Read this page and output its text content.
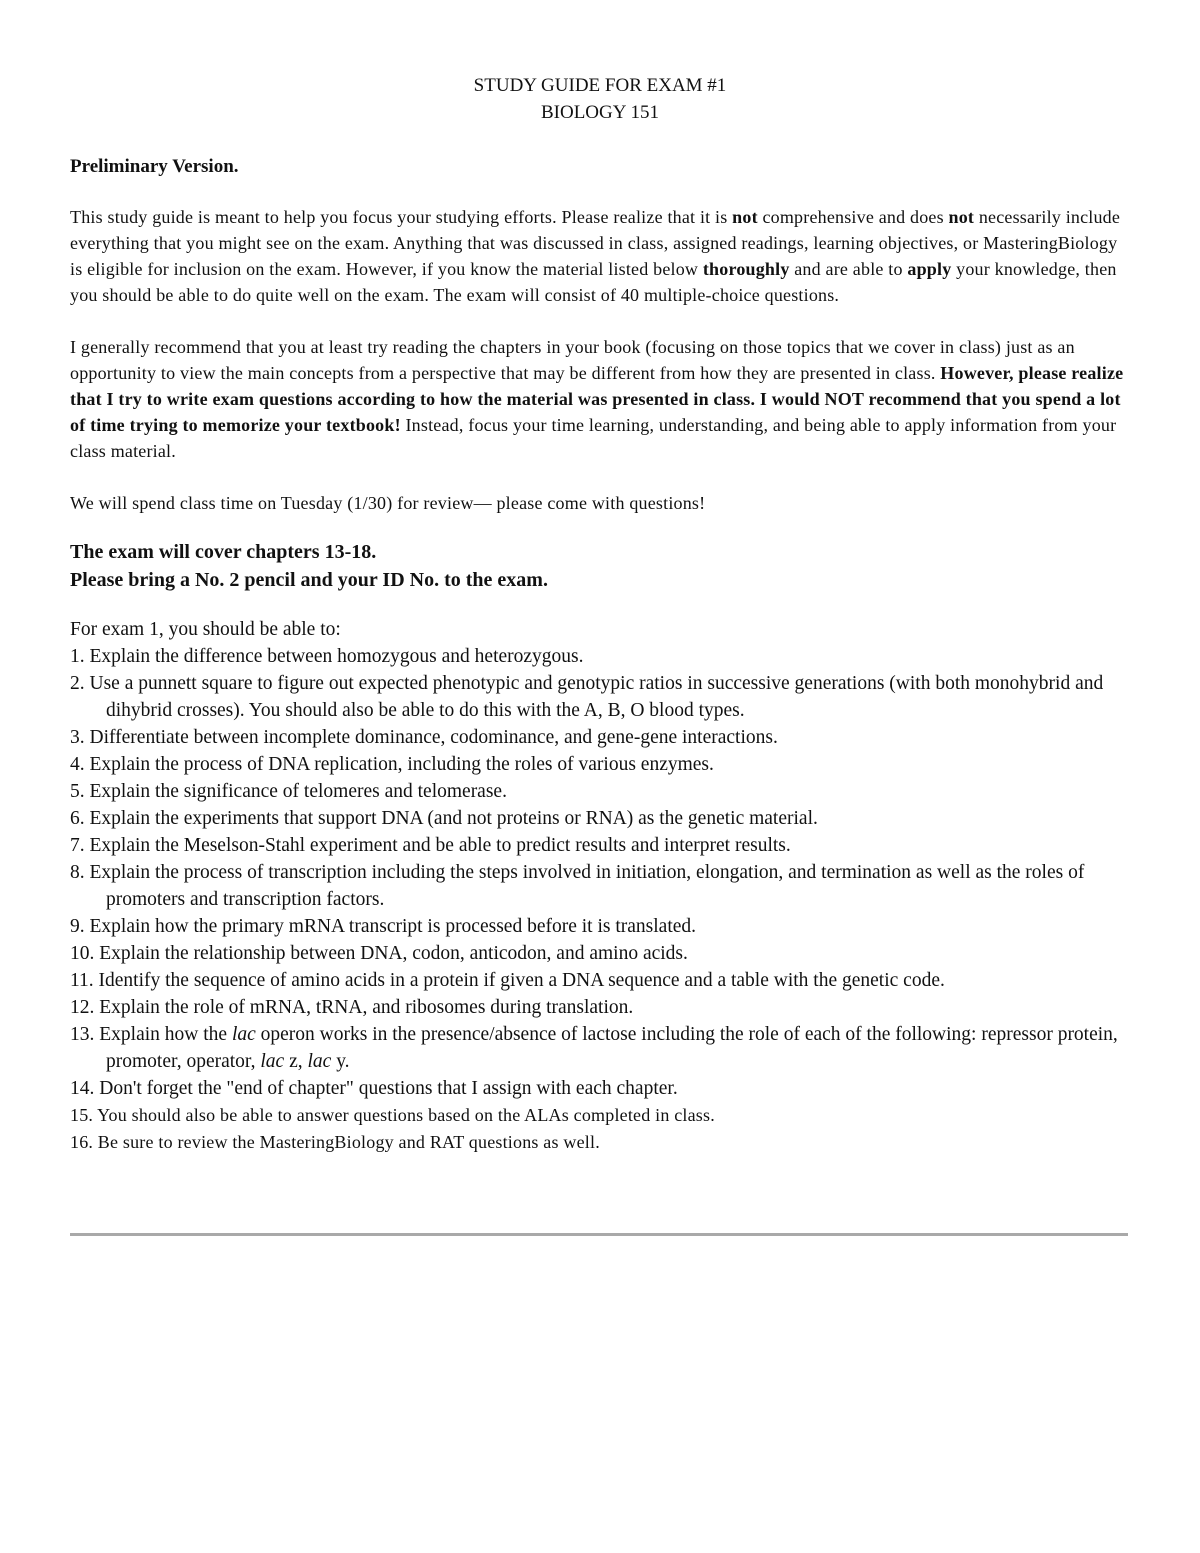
STUDY GUIDE FOR EXAM #1
BIOLOGY 151
Preliminary Version.
This study guide is meant to help you focus your studying efforts. Please realize that it is not comprehensive and does not necessarily include everything that you might see on the exam. Anything that was discussed in class, assigned readings, learning objectives, or MasteringBiology is eligible for inclusion on the exam. However, if you know the material listed below thoroughly and are able to apply your knowledge, then you should be able to do quite well on the exam. The exam will consist of 40 multiple-choice questions.
I generally recommend that you at least try reading the chapters in your book (focusing on those topics that we cover in class) just as an opportunity to view the main concepts from a perspective that may be different from how they are presented in class. However, please realize that I try to write exam questions according to how the material was presented in class. I would NOT recommend that you spend a lot of time trying to memorize your textbook! Instead, focus your time learning, understanding, and being able to apply information from your class material.
We will spend class time on Tuesday (1/30) for review— please come with questions!
The exam will cover chapters 13-18.
Please bring a No. 2 pencil and your ID No. to the exam.
For exam 1, you should be able to:
1. Explain the difference between homozygous and heterozygous.
2. Use a punnett square to figure out expected phenotypic and genotypic ratios in successive generations (with both monohybrid and dihybrid crosses). You should also be able to do this with the A, B, O blood types.
3. Differentiate between incomplete dominance, codominance, and gene-gene interactions.
4. Explain the process of DNA replication, including the roles of various enzymes.
5. Explain the significance of telomeres and telomerase.
6. Explain the experiments that support DNA (and not proteins or RNA) as the genetic material.
7. Explain the Meselson-Stahl experiment and be able to predict results and interpret results.
8. Explain the process of transcription including the steps involved in initiation, elongation, and termination as well as the roles of promoters and transcription factors.
9. Explain how the primary mRNA transcript is processed before it is translated.
10. Explain the relationship between DNA, codon, anticodon, and amino acids.
11. Identify the sequence of amino acids in a protein if given a DNA sequence and a table with the genetic code.
12. Explain the role of mRNA, tRNA, and ribosomes during translation.
13. Explain how the lac operon works in the presence/absence of lactose including the role of each of the following: repressor protein, promoter, operator, lac z, lac y.
14. Don't forget the "end of chapter" questions that I assign with each chapter.
15. You should also be able to answer questions based on the ALAs completed in class.
16. Be sure to review the MasteringBiology and RAT questions as well.
